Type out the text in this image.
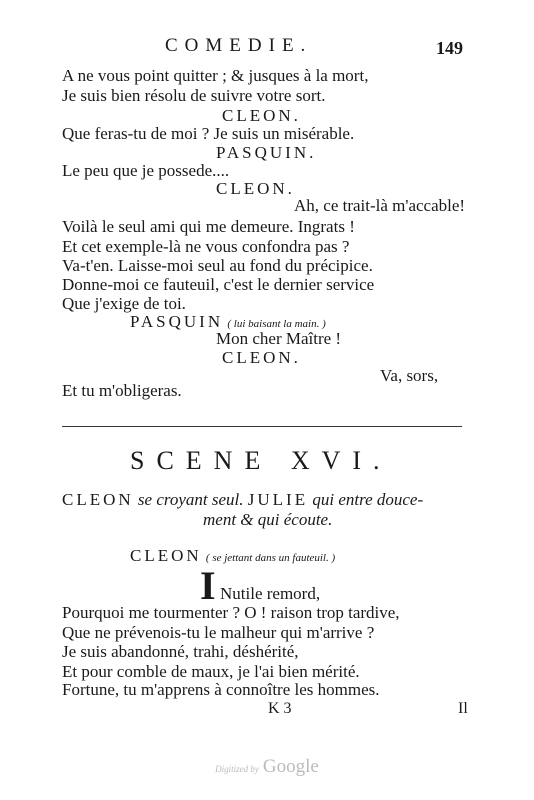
COMEDIE.	149
A ne vous point quitter ; & jusques à la mort,
Je suis bien résolu de suivre votre sort.
CLEON.
Que feras-tu de moi ? Je suis un misérable.
PASQUIN.
Le peu que je possede....
CLEON.
Ah, ce trait-là m'accable!
Voilà le seul ami qui me demeure. Ingrats !
Et cet exemple-là ne vous confondra pas ?
Va-t'en. Laisse-moi seul au fond du précipice.
Donne-moi ce fauteuil, c'est le dernier service
Que j'exige de toi.
PASQUIN ( lui baisant la main. )
Mon cher Maître !
CLEON.
Va, sors,
Et tu m'obligeras.
SCENE XVI.
CLEON se croyant seul. JULIE qui entre douce-
ment & qui écoute.
CLEON ( se jettant dans un fauteuil. )
I Nutile remord,
Pourquoi me tourmenter ? O ! raison trop tardive,
Que ne prévenois-tu le malheur qui m'arrive ?
Je suis abandonné, trahi, déshérité,
Et pour comble de maux, je l'ai bien mérité.
Fortune, tu m'apprens à connoître les hommes.
K 3	Il
Digitized by Google
